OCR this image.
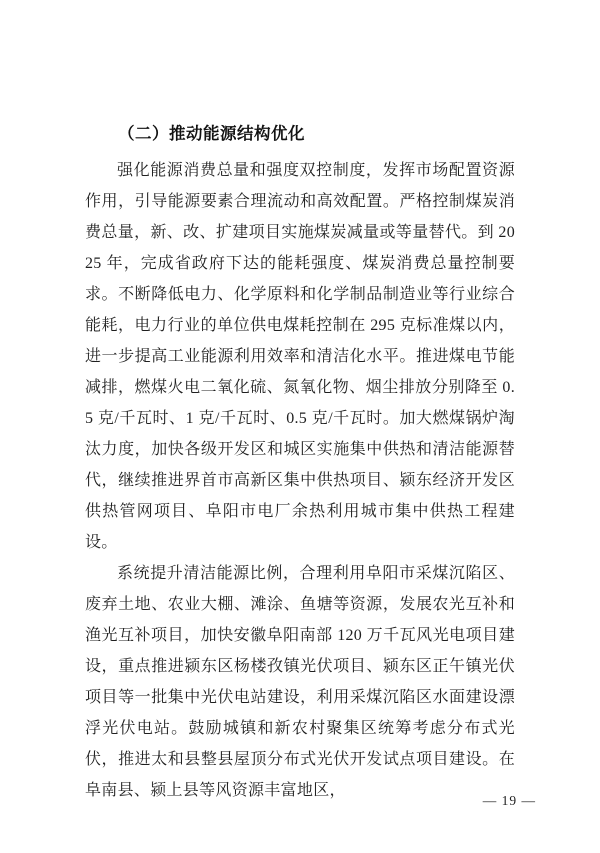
（二）推动能源结构优化

强化能源消费总量和强度双控制度，发挥市场配置资源作用，引导能源要素合理流动和高效配置。严格控制煤炭消费总量，新、改、扩建项目实施煤炭减量或等量替代。到 2025 年，完成省政府下达的能耗强度、煤炭消费总量控制要求。不断降低电力、化学原料和化学制品制造业等行业综合能耗，电力行业的单位供电煤耗控制在 295 克标准煤以内，进一步提高工业能源利用效率和清洁化水平。推进煤电节能减排，燃煤火电二氧化硫、氮氧化物、烟尘排放分别降至 0.5 克/千瓦时、1 克/千瓦时、0.5 克/千瓦时。加大燃煤锅炉淘汰力度，加快各级开发区和城区实施集中供热和清洁能源替代，继续推进界首市高新区集中供热项目、颍东经济开发区供热管网项目、阜阳市电厂余热利用城市集中供热工程建设。

系统提升清洁能源比例，合理利用阜阳市采煤沉陷区、废弃土地、农业大棚、滩涂、鱼塘等资源，发展农光互补和渔光互补项目，加快安徽阜阳南部 120 万千瓦风光电项目建设，重点推进颍东区杨楼孜镇光伏项目、颍东区正午镇光伏项目等一批集中光伏电站建设，利用采煤沉陷区水面建设漂浮光伏电站。鼓励城镇和新农村聚集区统筹考虑分布式光伏，推进太和县整县屋顶分布式光伏开发试点项目建设。在阜南县、颍上县等风资源丰富地区，

— 19 —
